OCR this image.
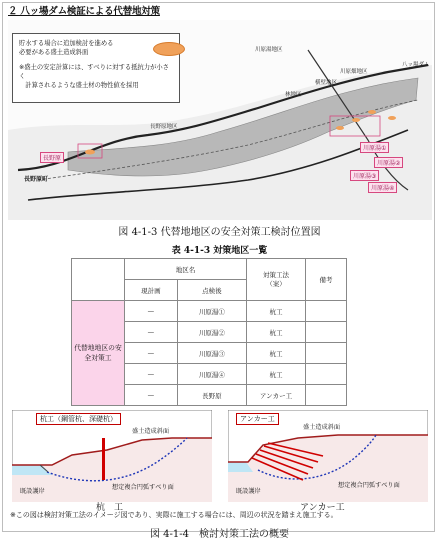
２ 八ッ場ダム検証による代替地対策
貯水する場合に追加検討を進める
必要がある盛土造成斜面
※盛土の安定計算には、すべりに対する抵抗力が小さく
　計算されるような盛土材の物性値を採用
川原湯地区
川原畑地区
長野原地区
林地区
横壁地区
八ッ場ダム
長野原町
長野原
川原湯①
川原湯②
川原湯③
川原湯④
図 4-1-3 代替地地区の安全対策工検討位置図
表 4-1-3 対策地区一覧
	地区名		対策工法
（案）	備考
	現計画	点検後		
代替地地区の安全対策工	—	川原湯①	杭工	
	—	川原湯②	杭工	
	—	川原湯③	杭工	
	—	川原湯④	杭工	
	—	長野原	アンカー工	
杭工（鋼管杭、深礎杭）
盛土造成斜面
想定複合円弧すべり面
既設護岸
アンカー工
盛土造成斜面
想定複合円弧すべり面
既設護岸
杭　工	アンカー工
※この図は検討対策工法のイメージ図であり、実際に施工する場合には、周辺の状況を踏まえ施工する。
図 4-1-4　検討対策工法の概要
